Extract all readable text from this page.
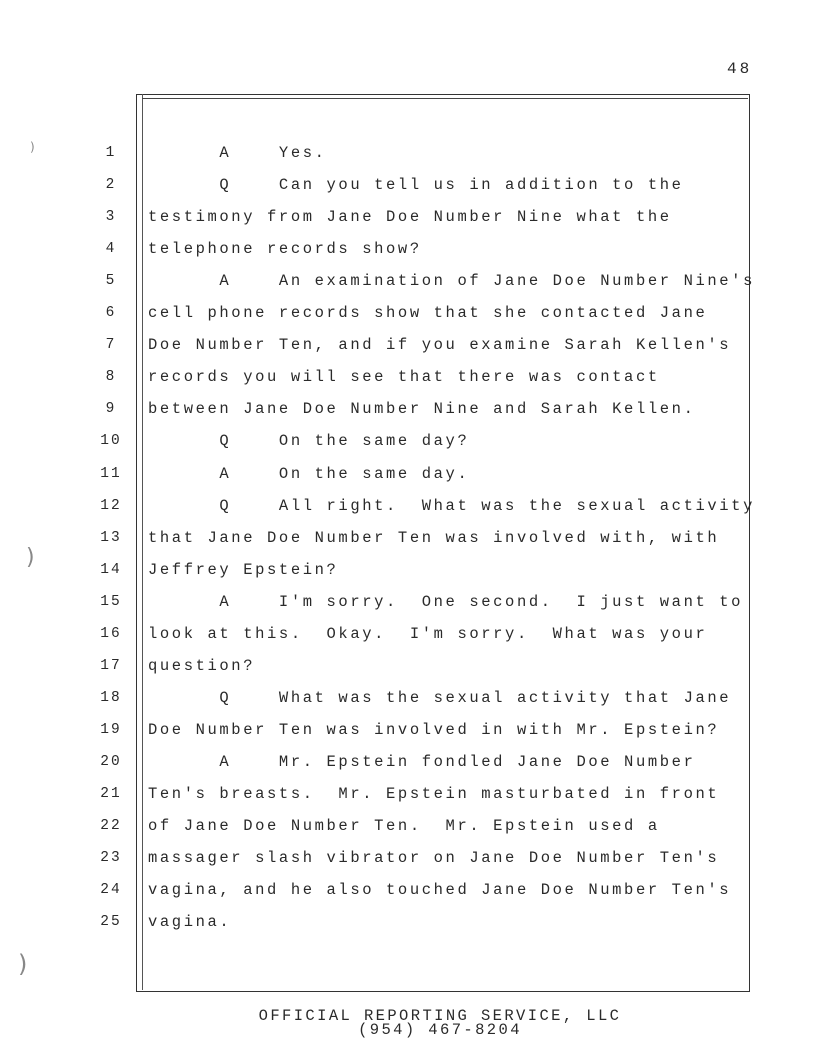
48
1	A    Yes.
2	Q    Can you tell us in addition to the
3	testimony from Jane Doe Number Nine what the
4	telephone records show?
5	A    An examination of Jane Doe Number Nine's
6	cell phone records show that she contacted Jane
7	Doe Number Ten, and if you examine Sarah Kellen's
8	records you will see that there was contact
9	between Jane Doe Number Nine and Sarah Kellen.
10 Q    On the same day?
11 A    On the same day.
12 Q    All right.  What was the sexual activity
13 that Jane Doe Number Ten was involved with, with
14 Jeffrey Epstein?
15 A    I'm sorry.  One second.  I just want to
16 look at this.  Okay.  I'm sorry.  What was your
17 question?
18 Q    What was the sexual activity that Jane
19 Doe Number Ten was involved in with Mr. Epstein?
20 A    Mr. Epstein fondled Jane Doe Number
21 Ten's breasts.  Mr. Epstein masturbated in front
22 of Jane Doe Number Ten.  Mr. Epstein used a
23 massager slash vibrator on Jane Doe Number Ten's
24 vagina, and he also touched Jane Doe Number Ten's
25 vagina.
OFFICIAL REPORTING SERVICE, LLC
(954) 467-8204
)
)
)
